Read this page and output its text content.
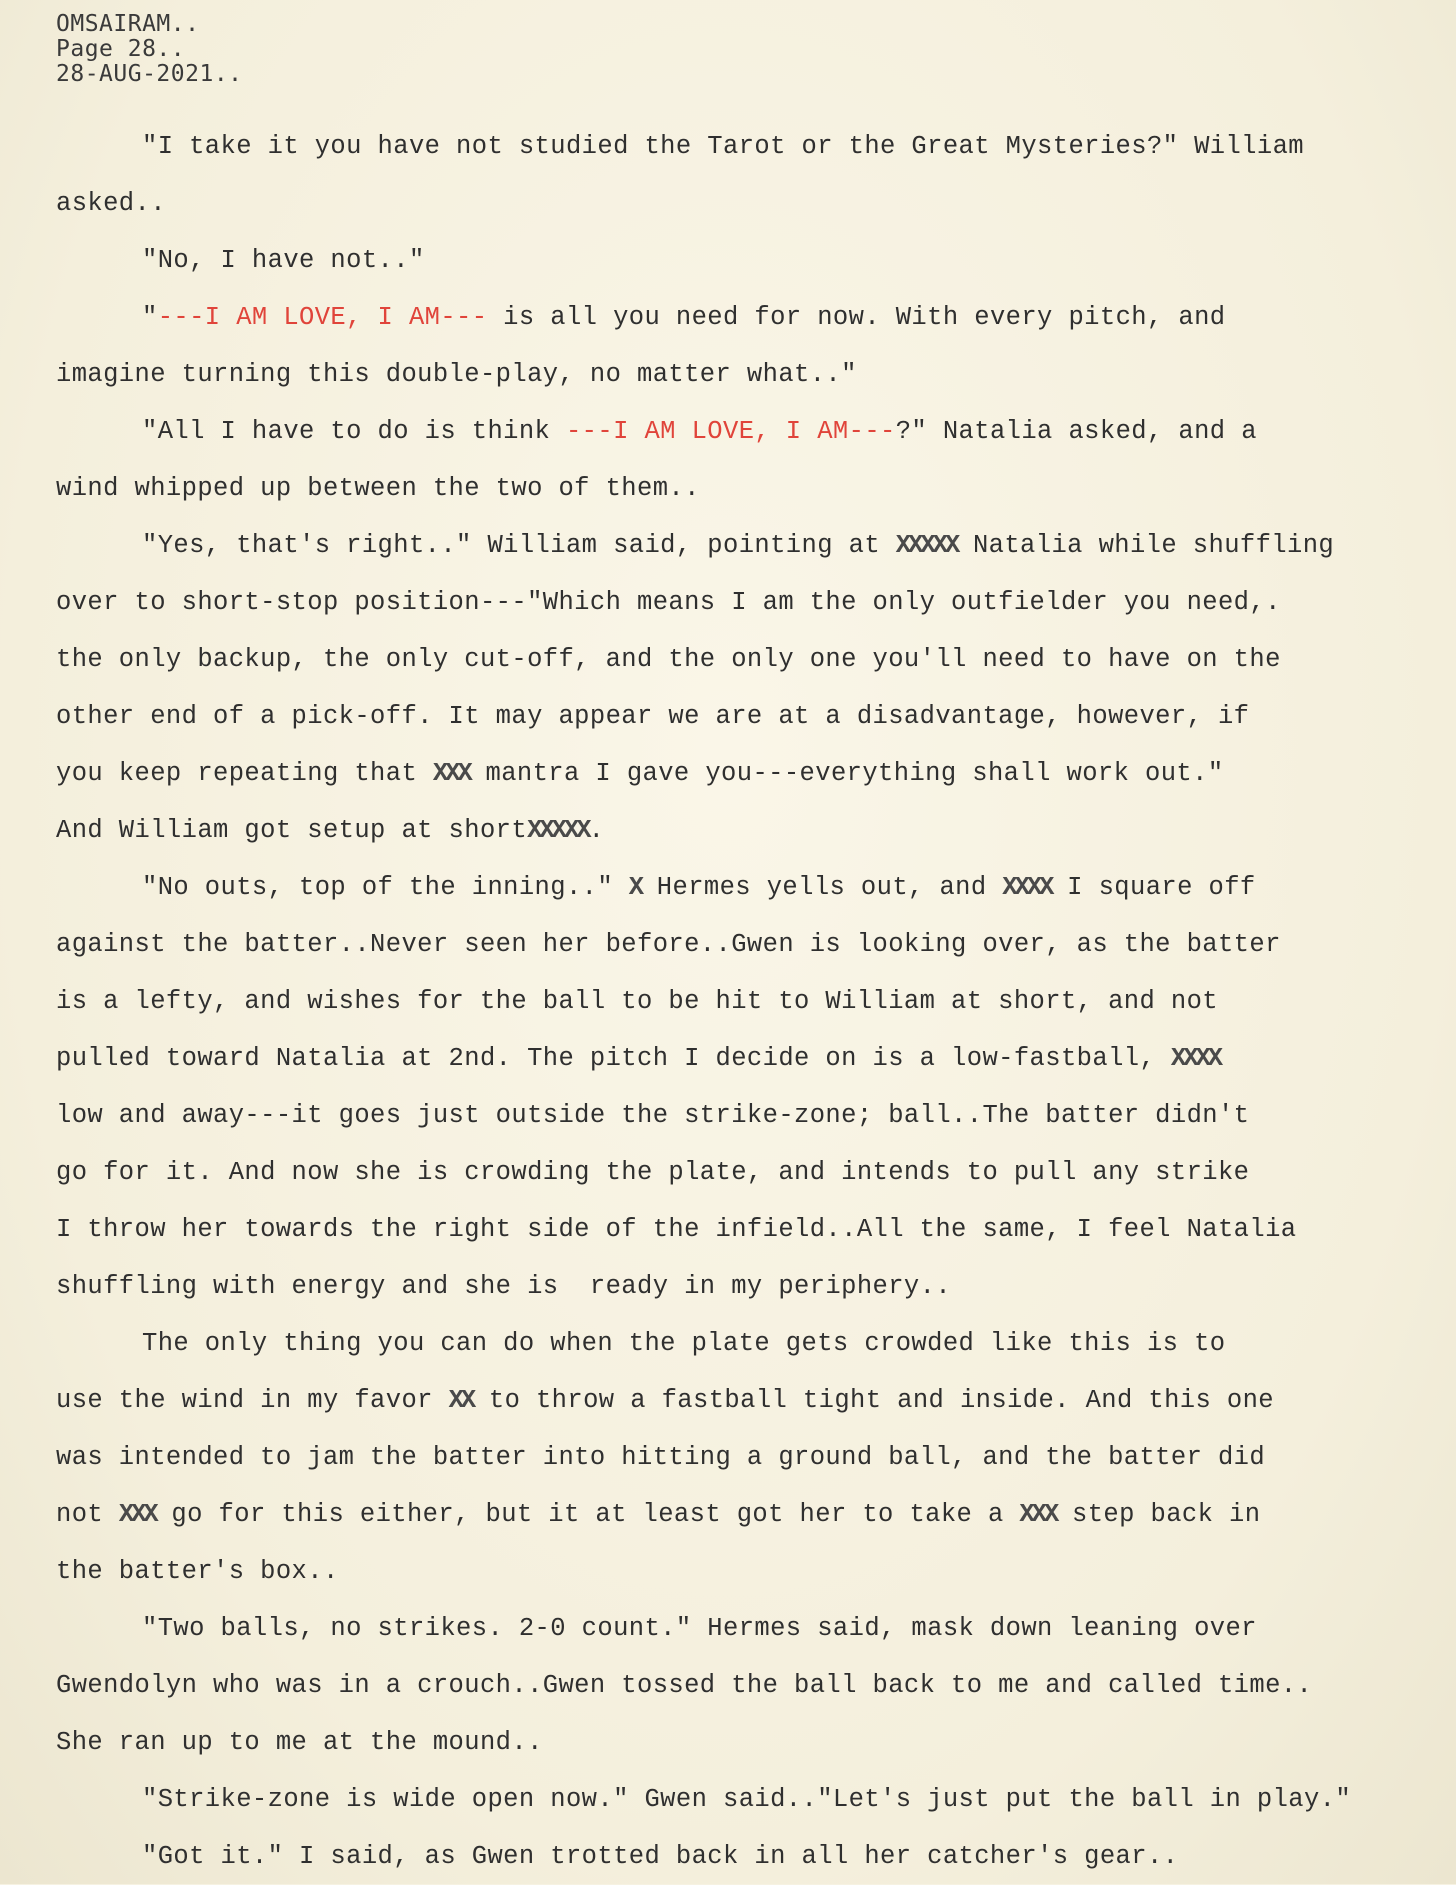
OMSAIRAM..
Page 28..
28-AUG-2021..
"I take it you have not studied the Tarot or the Great Mysteries?" William
asked..
"No, I have not.."
"---I AM LOVE, I AM--- is all you need for now. With every pitch, and
imagine turning this double-play, no matter what.."
"All I have to do is think ---I AM LOVE, I AM---?" Natalia asked, and a
wind whipped up between the two of them..
"Yes, that's right.." William said, pointing at XXXXX Natalia while shuffling
over to short-stop position---"Which means I am the only outfielder you need,.
the only backup, the only cut-off, and the only one you'll need to have on the
other end of a pick-off. It may appear we are at a disadvantage, however, if
you keep repeating that XXX mantra I gave you---everything shall work out."
And William got setup at shortXXXXX.
"No outs, top of the inning.." X Hermes yells out, and XXXX I square off
against the batter..Never seen her before..Gwen is looking over, as the batter
is a lefty, and wishes for the ball to be hit to William at short, and not
pulled toward Natalia at 2nd. The pitch I decide on is a low-fastball, XXXX
low and away---it goes just outside the strike-zone; ball..The batter didn't
go for it. And now she is crowding the plate, and intends to pull any strike
I throw her towards the right side of the infield..All the same, I feel Natalia
shuffling with energy and she is  ready in my periphery..
The only thing you can do when the plate gets crowded like this is to
use the wind in my favor XX to throw a fastball tight and inside. And this one
was intended to jam the batter into hitting a ground ball, and the batter did
not XXX go for this either, but it at least got her to take a XXX step back in
the batter's box..
"Two balls, no strikes. 2-0 count." Hermes said, mask down leaning over
Gwendolyn who was in a crouch..Gwen tossed the ball back to me and called time..
She ran up to me at the mound..
"Strike-zone is wide open now." Gwen said.."Let's just put the ball in play."
"Got it." I said, as Gwen trotted back in all her catcher's gear..
